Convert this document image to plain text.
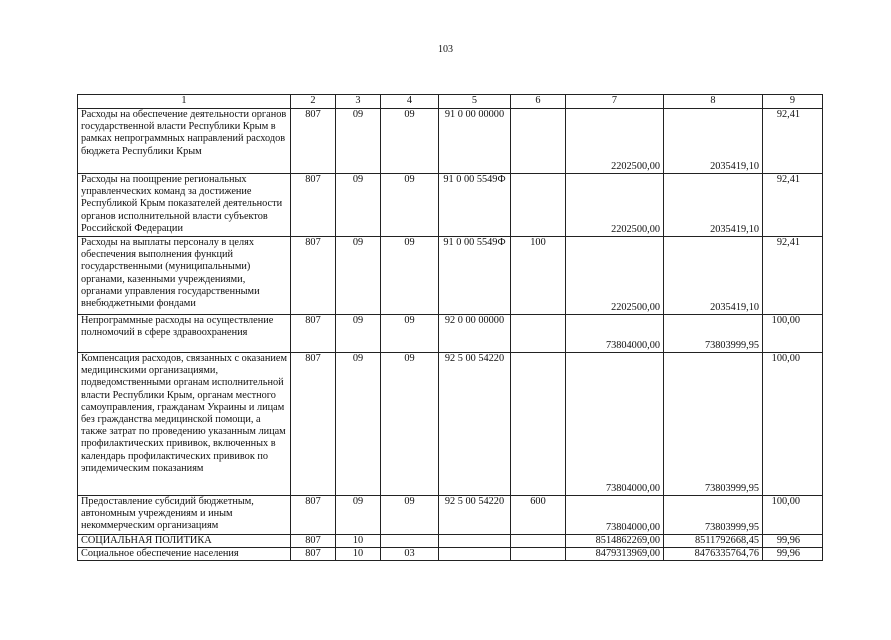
103
1	2	3	4	5	6	7	8	9
Расходы на обеспечение деятельности органов государственной власти Республики Крым в рамках непрограммных направлений расходов бюджета Республики Крым	807	09	09	91 0 00 00000		2202500,00	2035419,10	92,41
Расходы на поощрение региональных управленческих команд за достижение Республикой Крым показателей деятельности органов исполнительной власти субъектов Российской Федерации	807	09	09	91 0 00 5549Ф		2202500,00	2035419,10	92,41
Расходы на выплаты персоналу в целях обеспечения выполнения функций государственными (муниципальными) органами, казенными учреждениями, органами управления государственными внебюджетными фондами	807	09	09	91 0 00 5549Ф	100	2202500,00	2035419,10	92,41
Непрограммные расходы на осуществление полномочий в сфере здравоохранения	807	09	09	92 0 00 00000		73804000,00	73803999,95	100,00
Компенсация расходов, связанных с оказанием медицинскими организациями, подведомственными органам исполнительной власти Республики Крым, органам местного самоуправления, гражданам Украины и лицам без гражданства медицинской помощи, а также затрат по проведению указанным лицам профилактических прививок, включенных в календарь профилактических прививок по эпидемическим показаниям	807	09	09	92 5 00 54220		73804000,00	73803999,95	100,00
Предоставление субсидий бюджетным, автономным учреждениям и иным некоммерческим организациям	807	09	09	92 5 00 54220	600	73804000,00	73803999,95	100,00
СОЦИАЛЬНАЯ ПОЛИТИКА	807	10				8514862269,00	8511792668,45	99,96
Социальное обеспечение населения	807	10	03			8479313969,00	8476335764,76	99,96
